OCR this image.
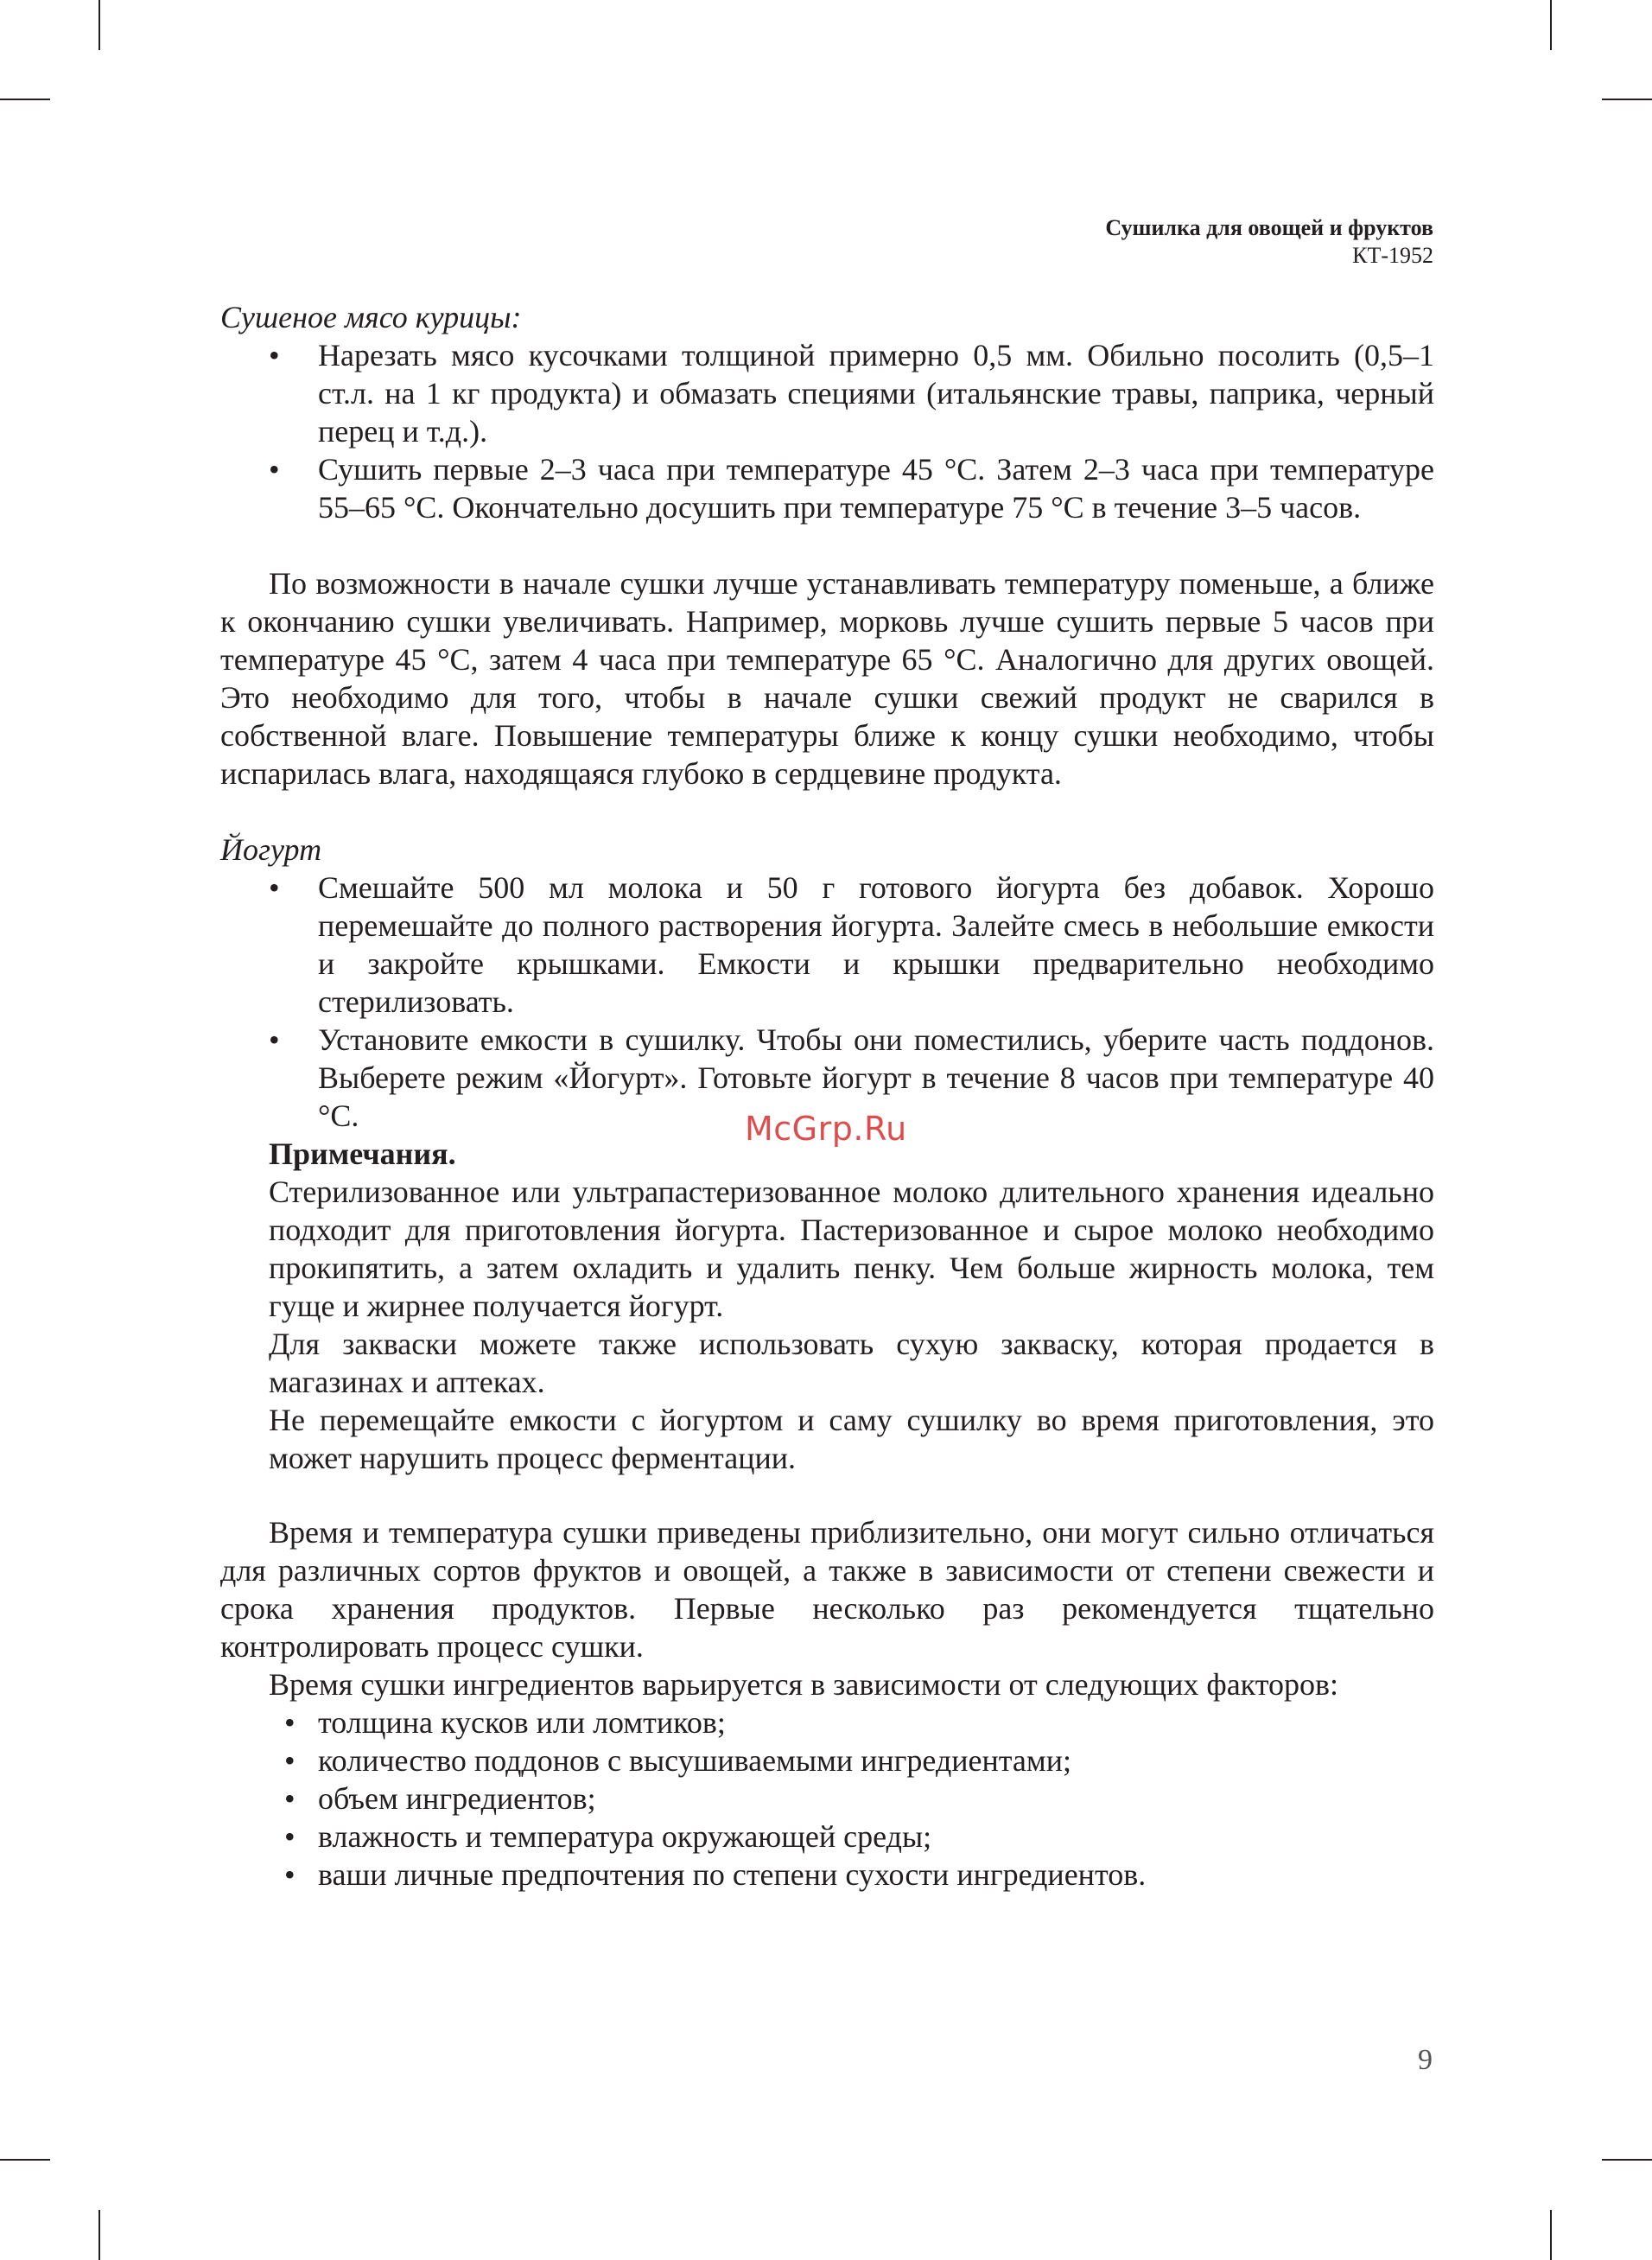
Сушилка для овощей и фруктов
КТ-1952

Сушеное мясо курицы:

• Нарезать мясо кусочками толщиной примерно 0,5 мм. Обильно посолить (0,5–1 ст.л. на 1 кг продукта) и обмазать специями (итальянские травы, паприка, черный перец и т.д.).
• Сушить первые 2–3 часа при температуре 45 °С. Затем 2–3 часа при температуре 55–65 °С. Окончательно досушить при температуре 75 °С в течение 3–5 часов.

По возможности в начале сушки лучше устанавливать температуру поменьше, а ближе к окончанию сушки увеличивать. Например, морковь лучше сушить первые 5 часов при температуре 45 °С, затем 4 часа при температуре 65 °С. Аналогично для других овощей. Это необходимо для того, чтобы в начале сушки свежий продукт не сварился в собственной влаге. Повышение температуры ближе к концу сушки необходимо, чтобы испарилась влага, находящаяся глубоко в сердцевине продукта.

Йогурт

• Смешайте 500 мл молока и 50 г готового йогурта без добавок. Хорошо перемешайте до полного растворения йогурта. Залейте смесь в небольшие емкости и закройте крышками. Емкости и крышки предварительно необходимо стерилизовать.
• Установите емкости в сушилку. Чтобы они поместились, уберите часть поддонов. Выберете режим «Йогурт». Готовьте йогурт в течение 8 часов при температуре 40 °С.

Примечания.

Стерилизованное или ультрапастеризованное молоко длительного хранения идеально подходит для приготовления йогурта. Пастеризованное и сырое молоко необходимо прокипятить, а затем охладить и удалить пенку. Чем больше жирность молока, тем гуще и жирнее получается йогурт.

Для закваски можете также использовать сухую закваску, которая продается в магазинах и аптеках.

Не перемещайте емкости с йогуртом и саму сушилку во время приготовления, это может нарушить процесс ферментации.

Время и температура сушки приведены приблизительно, они могут сильно отличаться для различных сортов фруктов и овощей, а также в зависимости от степени свежести и срока хранения продуктов. Первые несколько раз рекомендуется тщательно контролировать процесс сушки.

Время сушки ингредиентов варьируется в зависимости от следующих факторов:

• толщина кусков или ломтиков;
• количество поддонов с высушиваемыми ингредиентами;
• объем ингредиентов;
• влажность и температура окружающей среды;
• ваши личные предпочтения по степени сухости ингредиентов.
McGrp.Ru
9
